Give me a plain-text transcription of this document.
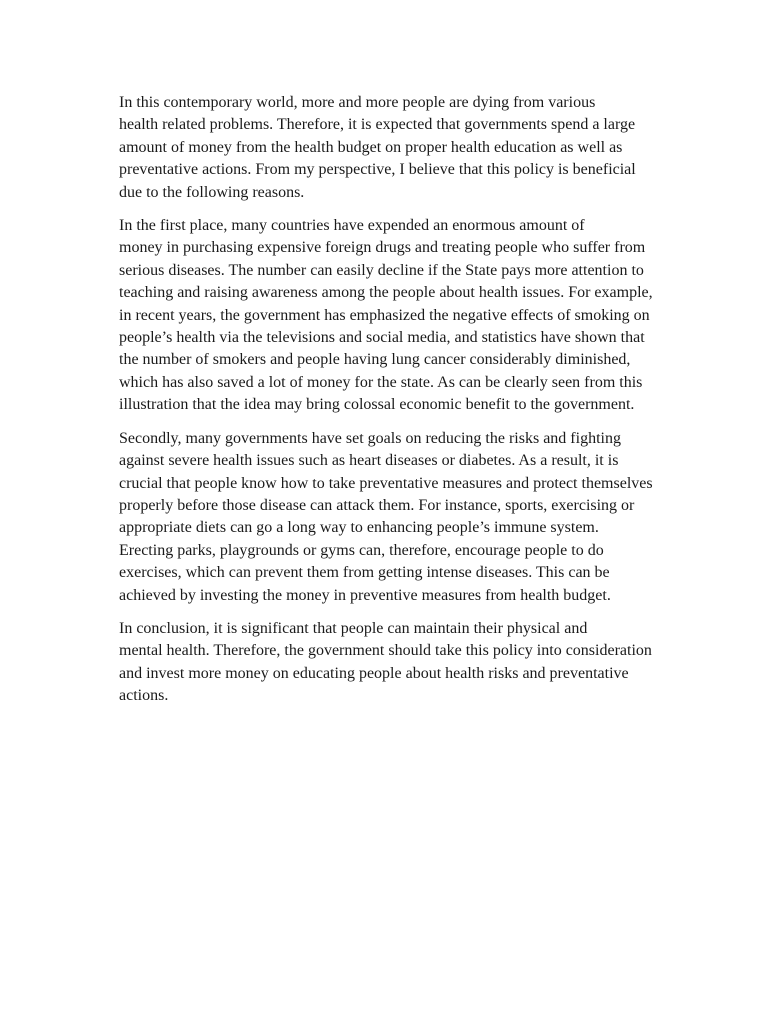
In this contemporary world, more and more people are dying from various
health related problems. Therefore, it is expected that governments spend a large
amount of money from the health budget on proper health education as well as
preventative actions. From my perspective, I believe that this policy is beneficial
due to the following reasons.

In the first place, many countries have expended an enormous amount of
money in purchasing expensive foreign drugs and treating people who suffer from
serious diseases. The number can easily decline if the State pays more attention to
teaching and raising awareness among the people about health issues. For example,
in recent years, the government has emphasized the negative effects of smoking on
people’s health via the televisions and social media, and statistics have shown that
the number of smokers and people having lung cancer considerably diminished,
which has also saved a lot of money for the state. As can be clearly seen from this
illustration that the idea may bring colossal economic benefit to the government.

Secondly, many governments have set goals on reducing the risks and fighting
against severe health issues such as heart diseases or diabetes. As a result, it is
crucial that people know how to take preventative measures and protect themselves
properly before those disease can attack them. For instance, sports, exercising or
appropriate diets can go a long way to enhancing people’s immune system.
Erecting parks, playgrounds or gyms can, therefore, encourage people to do
exercises, which can prevent them from getting intense diseases. This can be
achieved by investing the money in preventive measures from health budget.

In conclusion, it is significant that people can maintain their physical and
mental health. Therefore, the government should take this policy into consideration
and invest more money on educating people about health risks and preventative
actions.
